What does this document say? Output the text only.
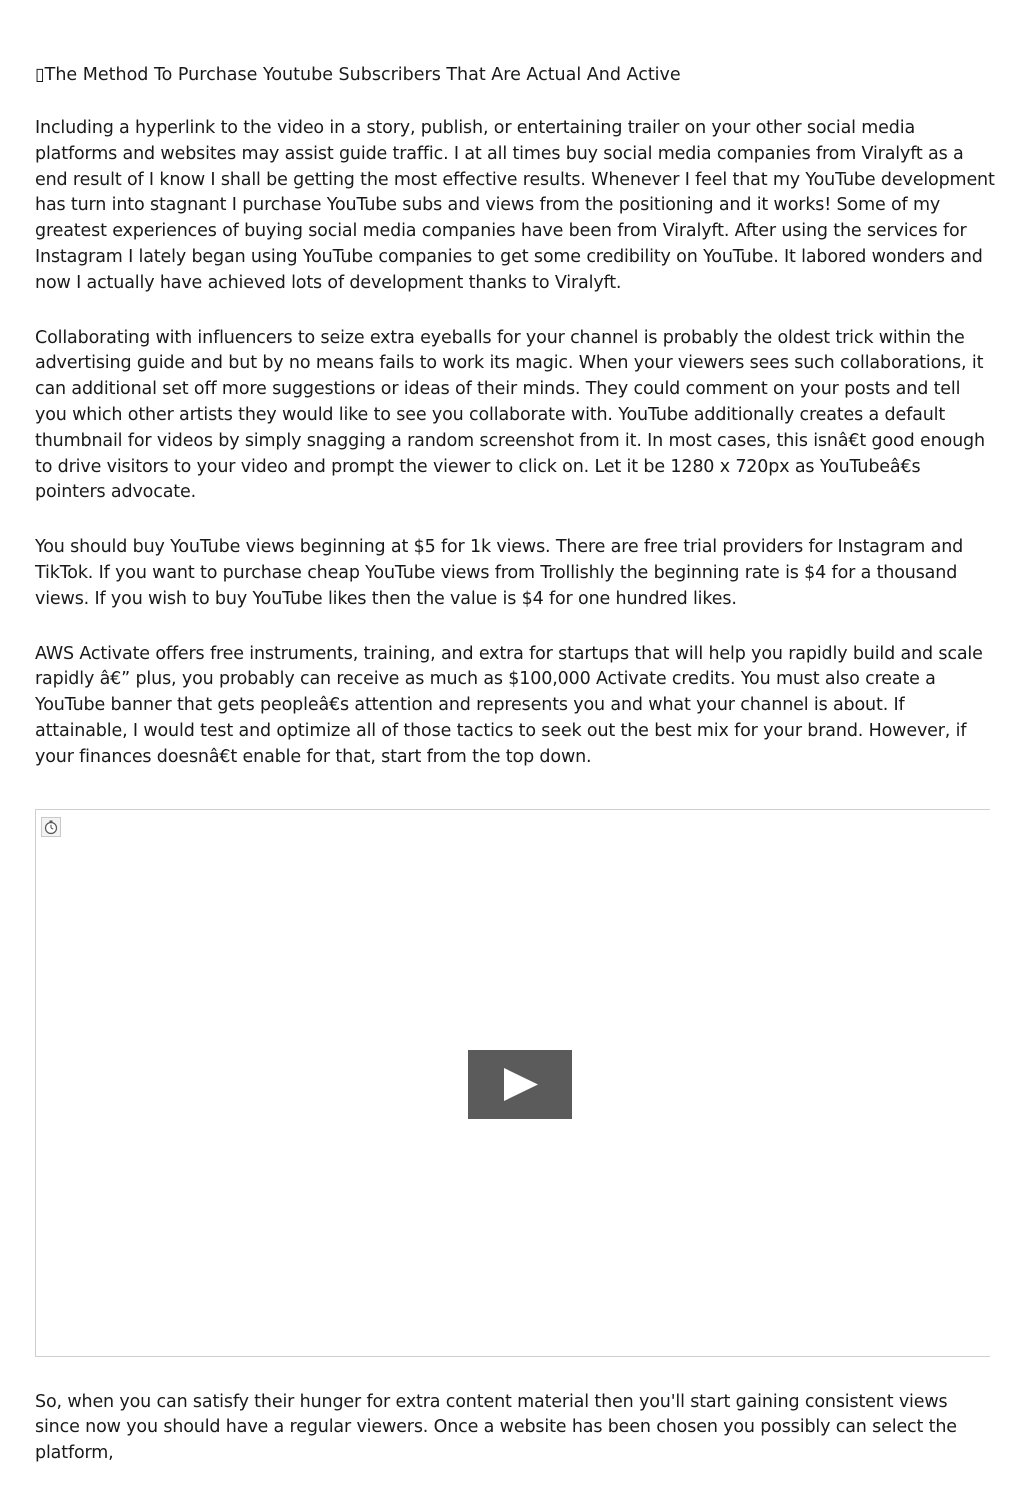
▯The Method To Purchase Youtube Subscribers That Are Actual And Active

Including a hyperlink to the video in a story, publish, or entertaining trailer on your other social media platforms and websites may assist guide traffic. I at all times buy social media companies from Viralyft as a end result of I know I shall be getting the most effective results. Whenever I feel that my YouTube development has turn into stagnant I purchase YouTube subs and views from the positioning and it works! Some of my greatest experiences of buying social media companies have been from Viralyft. After using the services for Instagram I lately began using YouTube companies to get some credibility on YouTube. It labored wonders and now I actually have achieved lots of development thanks to Viralyft.

Collaborating with influencers to seize extra eyeballs for your channel is probably the oldest trick within the advertising guide and but by no means fails to work its magic. When your viewers sees such collaborations, it can additional set off more suggestions or ideas of their minds. They could comment on your posts and tell you which other artists they would like to see you collaborate with. YouTube additionally creates a default thumbnail for videos by simply snagging a random screenshot from it. In most cases, this isnâ€t good enough to drive visitors to your video and prompt the viewer to click on. Let it be 1280 x 720px as YouTubeâ€s pointers advocate.

You should buy YouTube views beginning at $5 for 1k views. There are free trial providers for Instagram and TikTok. If you want to purchase cheap YouTube views from Trollishly the beginning rate is $4 for a thousand views. If you wish to buy YouTube likes then the value is $4 for one hundred likes.

AWS Activate offers free instruments, training, and extra for startups that will help you rapidly build and scale rapidly â€” plus, you probably can receive as much as $100,000 Activate credits. You must also create a YouTube banner that gets peopleâ€s attention and represents you and what your channel is about. If attainable, I would test and optimize all of those tactics to seek out the best mix for your brand. However, if your finances doesnâ€t enable for that, start from the top down.

So, when you can satisfy their hunger for extra content material then you'll start gaining consistent views since now you should have a regular viewers. Once a website has been chosen you possibly can select the platform,
